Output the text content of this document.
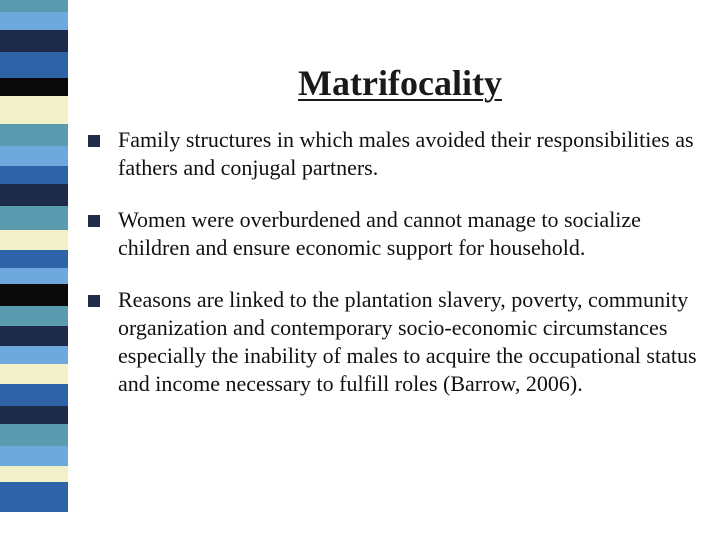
Matrifocality
Family structures in which males avoided their responsibilities as fathers and conjugal partners.
Women were overburdened and cannot manage to socialize children and ensure economic support for household.
Reasons are linked to the plantation slavery, poverty, community organization and contemporary socio-economic circumstances especially the inability of males to acquire the occupational status and income necessary to fulfill roles (Barrow, 2006).
